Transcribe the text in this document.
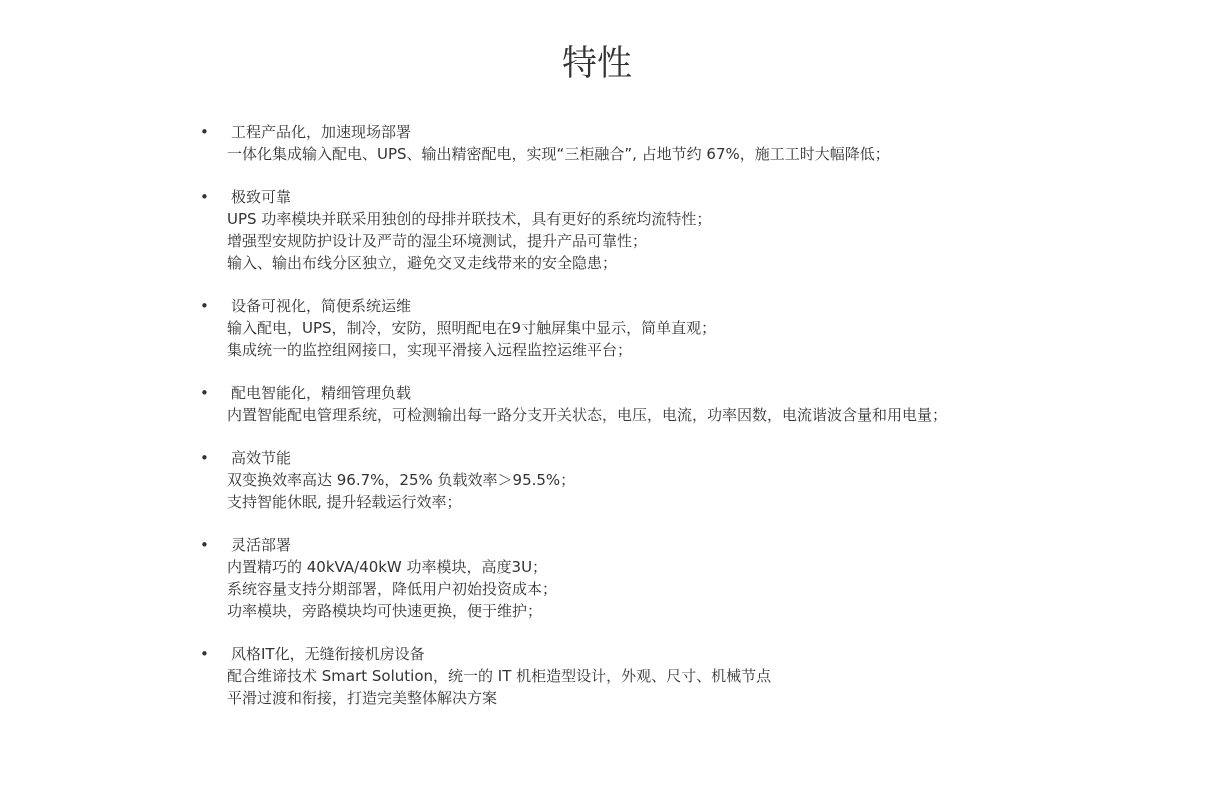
特性
•	工程产品化，加速现场部署
一体化集成输入配电、UPS、输出精密配电，实现“三柜融合”, 占地节约 67%，施工工时大幅降低；
•	极致可靠
UPS 功率模块并联采用独创的母排并联技术，具有更好的系统均流特性；
增强型安规防护设计及严苛的湿尘环境测试，提升产品可靠性；
输入、输出布线分区独立，避免交叉走线带来的安全隐患；
•	设备可视化，简便系统运维
输入配电，UPS，制冷，安防，照明配电在9寸触屏集中显示，简单直观；
集成统一的监控组网接口，实现平滑接入远程监控运维平台；
•	配电智能化，精细管理负载
内置智能配电管理系统，可检测输出每一路分支开关状态，电压，电流，功率因数，电流谐波含量和用电量；
•	高效节能
双变换效率高达 96.7%，25% 负载效率＞95.5%；
支持智能休眠, 提升轻载运行效率；
•	灵活部署
内置精巧的 40kVA/40kW 功率模块，高度3U；
系统容量支持分期部署，降低用户初始投资成本；
功率模块，旁路模块均可快速更换，便于维护；
•	风格IT化，无缝衔接机房设备
配合维谛技术 Smart Solution，统一的 IT 机柜造型设计，外观、尺寸、机械节点
平滑过渡和衔接，打造完美整体解决方案
